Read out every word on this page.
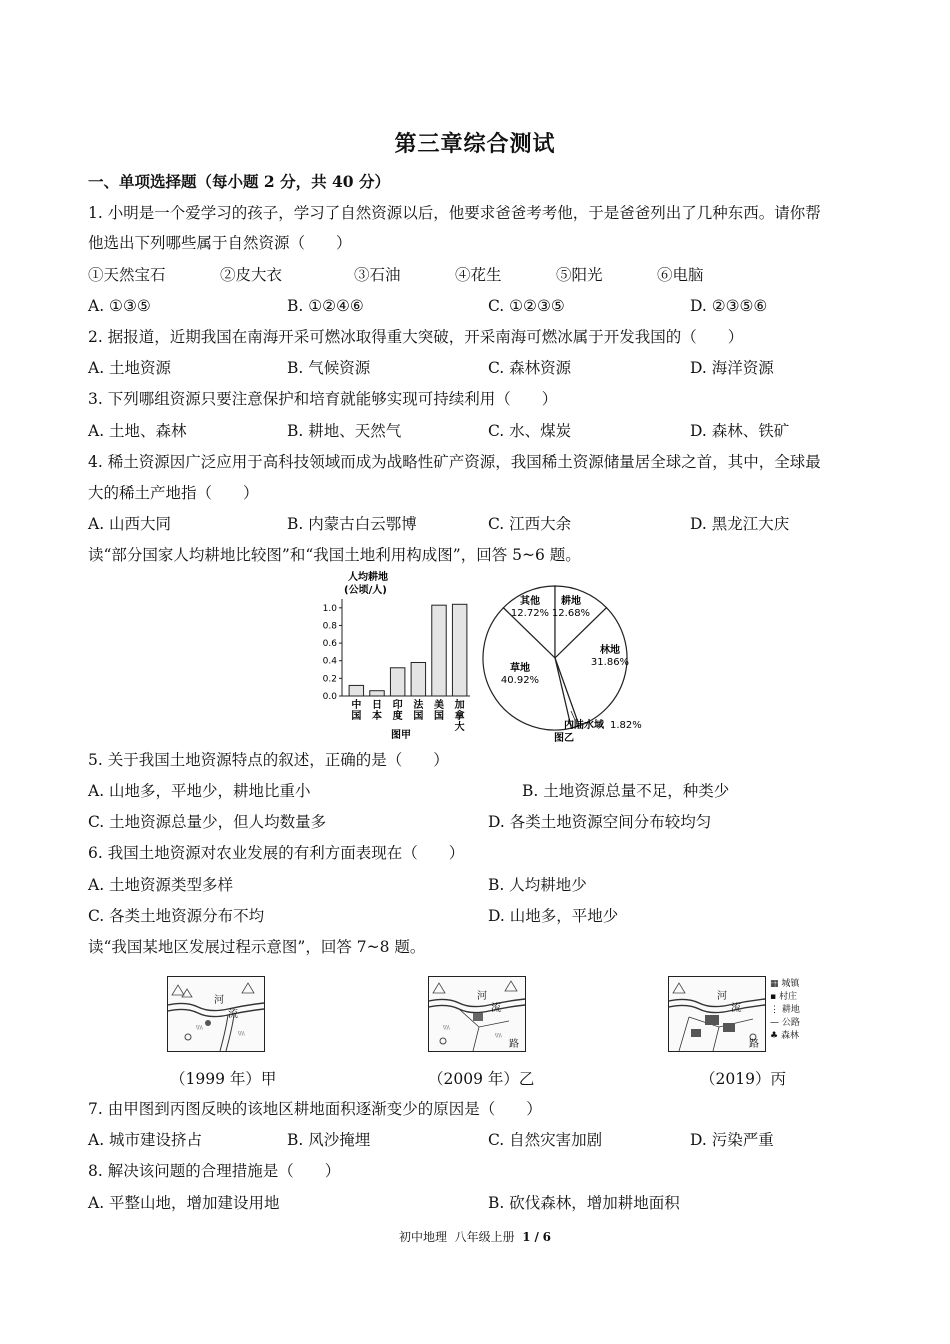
第三章综合测试
一、单项选择题（每小题 2 分，共 40 分）
1. 小明是一个爱学习的孩子，学习了自然资源以后，他要求爸爸考考他，于是爸爸列出了几种东西。请你帮
他选出下列哪些属于自然资源（　　）
①天然宝石	②皮大衣	③石油	④花生	⑤阳光	⑥电脑
A. ①③⑤	B. ①②④⑥	C. ①②③⑤	D. ②③⑤⑥
2. 据报道，近期我国在南海开采可燃冰取得重大突破，开采南海可燃冰属于开发我国的（　　）
A. 土地资源	B. 气候资源	C. 森林资源	D. 海洋资源
3. 下列哪组资源只要注意保护和培育就能够实现可持续利用（　　）
A. 土地、森林	B. 耕地、天然气	C. 水、煤炭	D. 森林、铁矿
4. 稀土资源因广泛应用于高科技领域而成为战略性矿产资源，我国稀土资源储量居全球之首，其中，全球最
大的稀土产地指（　　）
A. 山西大同	B. 内蒙古白云鄂博	C. 江西大余	D. 黑龙江大庆
读“部分国家人均耕地比较图”和“我国土地利用构成图”，回答 5~6 题。
人均耕地
(公顷/人)
0.0
0.2
0.4
0.6
0.8
1.0
中
国
日
本
印
度
法
国
美
国
加
拿
大
图甲
其他
12.72%
耕地
12.68%
林地
31.86%
草地
40.92%
内陆水域 1.82%
图乙
5. 关于我国土地资源特点的叙述，正确的是（　　）
A. 山地多，平地少，耕地比重小	B. 土地资源总量不足，种类少
C. 土地资源总量少，但人均数量多	D. 各类土地资源空间分布较均匀
6. 我国土地资源对农业发展的有利方面表现在（　　）
A. 土地资源类型多样	B. 人均耕地少
C. 各类土地资源分布不均	D. 山地多，平地少
读“我国某地区发展过程示意图”，回答 7~8 题。
\\\\
\\\\
河
流
（1999 年）甲
\\\\
\\\\
河
流
路
（2009 年）乙
河
流
路
▦ 城镇
▪ 村庄
⋮ 耕地
— 公路
♣ 森林
（2019）丙
7. 由甲图到丙图反映的该地区耕地面积逐渐变少的原因是（　　）
A. 城市建设挤占	B. 风沙掩埋	C. 自然灾害加剧	D. 污染严重
8. 解决该问题的合理措施是（　　）
A. 平整山地，增加建设用地	B. 砍伐森林，增加耕地面积
初中地理 八年级上册 1 / 6
